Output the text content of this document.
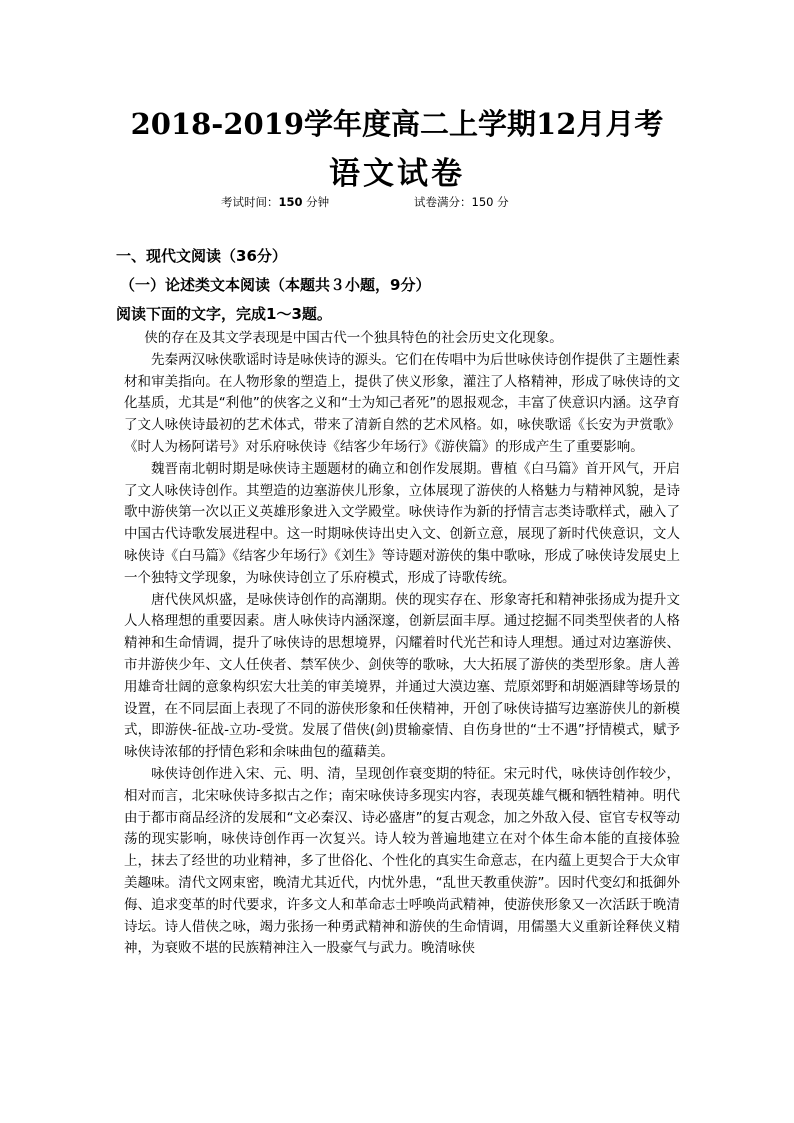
2018-2019学年度高二上学期12月月考
语文试卷
考试时间：150 分钟	试卷满分：150 分
一、现代文阅读（36分）
（一）论述类文本阅读（本题共３小题，9分）
阅读下面的文字，完成1～3题。

侠的存在及其文学表现是中国古代一个独具特色的社会历史文化现象。

先秦两汉咏侠歌谣时诗是咏侠诗的源头。它们在传唱中为后世咏侠诗创作提供了主题性素材和审美指向。在人物形象的塑造上，提供了侠义形象，灌注了人格精神，形成了咏侠诗的文化基质，尤其是“利他”的侠客之义和“士为知己者死”的恩报观念，丰富了侠意识内涵。这孕育了文人咏侠诗最初的艺术体式，带来了清新自然的艺术风格。如，咏侠歌谣《长安为尹赏歌》《时人为杨阿诺号》对乐府咏侠诗《结客少年场行》《游侠篇》的形成产生了重要影响。

魏晋南北朝时期是咏侠诗主题题材的确立和创作发展期。曹植《白马篇》首开风气，开启了文人咏侠诗创作。其塑造的边塞游侠儿形象，立体展现了游侠的人格魅力与精神风貌，是诗歌中游侠第一次以正义英雄形象进入文学殿堂。咏侠诗作为新的抒情言志类诗歌样式，融入了中国古代诗歌发展进程中。这一时期咏侠诗出史入文、创新立意，展现了新时代侠意识，文人咏侠诗《白马篇》《结客少年场行》《刘生》等诗题对游侠的集中歌咏，形成了咏侠诗发展史上一个独特文学现象，为咏侠诗创立了乐府模式，形成了诗歌传统。

唐代侠风炽盛，是咏侠诗创作的高潮期。侠的现实存在、形象寄托和精神张扬成为提升文人人格理想的重要因素。唐人咏侠诗内涵深邃，创新层面丰厚。通过挖掘不同类型侠者的人格精神和生命情调，提升了咏侠诗的思想境界，闪耀着时代光芒和诗人理想。通过对边塞游侠、市井游侠少年、文人任侠者、禁军侠少、剑侠等的歌咏，大大拓展了游侠的类型形象。唐人善用雄奇壮阔的意象构织宏大壮美的审美境界，并通过大漠边塞、荒原郊野和胡姬酒肆等场景的设置，在不同层面上表现了不同的游侠形象和任侠精神，开创了咏侠诗描写边塞游侠儿的新模式，即游侠-征战-立功-受赏。发展了借侠(剑)贯输豪情、自伤身世的“士不遇”抒情模式，赋予咏侠诗浓郁的抒情色彩和余味曲包的蕴藉美。

咏侠诗创作进入宋、元、明、清，呈现创作衰变期的特征。宋元时代，咏侠诗创作较少，相对而言，北宋咏侠诗多拟古之作；南宋咏侠诗多现实内容，表现英雄气概和牺牲精神。明代由于都市商品经济的发展和“文必秦汉、诗必盛唐”的复古观念，加之外敌入侵、宦官专权等动荡的现实影响，咏侠诗创作再一次复兴。诗人较为普遍地建立在对个体生命本能的直接体验上，抹去了经世的功业精神，多了世俗化、个性化的真实生命意志，在内蕴上更契合于大众审美趣味。清代文网束密，晚清尤其近代，内忧外患，“乱世天教重侠游”。因时代变幻和抵御外侮、追求变革的时代要求，许多文人和革命志士呼唤尚武精神，使游侠形象又一次活跃于晚清诗坛。诗人借侠之咏，竭力张扬一种勇武精神和游侠的生命情调，用儒墨大义重新诠释侠义精神，为衰败不堪的民族精神注入一股豪气与武力。晚清咏侠
